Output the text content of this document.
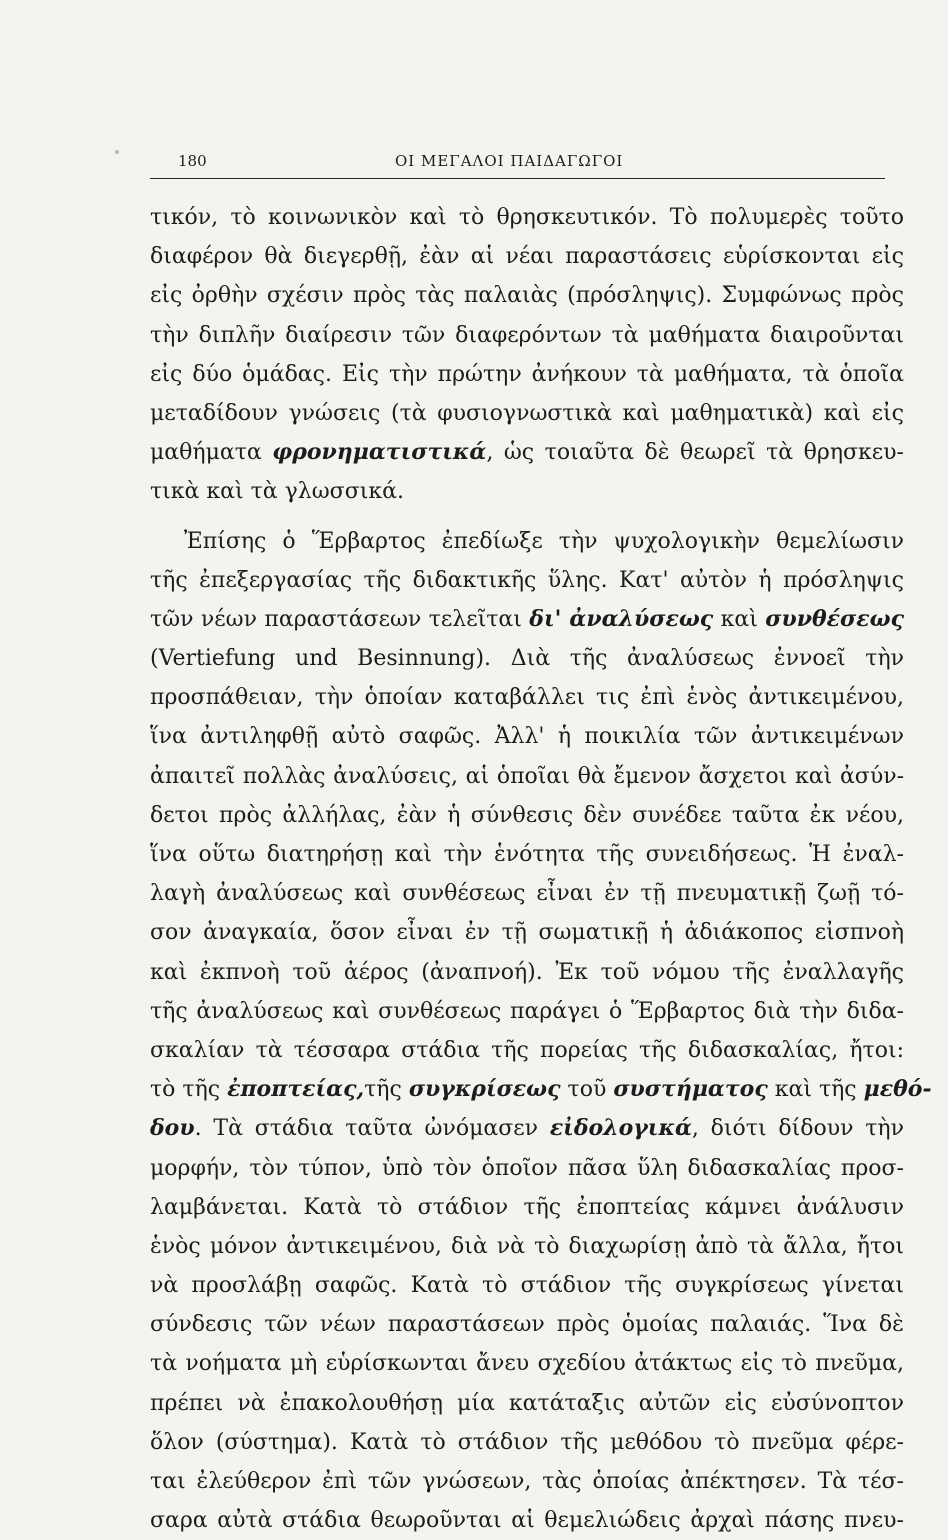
180	ΟΙ ΜΕΓΑΛΟΙ ΠΑΙΔΑΓΩΓΟΙ
τικόν, τὸ κοινωνικὸν καὶ τὸ θρησκευτικόν. Τὸ πολυμερὲς τοῦτο
διαφέρον θὰ διεγερθῇ, ἐὰν αἱ νέαι παραστάσεις εὑρίσκονται εἰς
εἰς ὀρθὴν σχέσιν πρὸς τὰς παλαιὰς (πρόσληψις). Συμφώνως πρὸς
τὴν διπλῆν διαίρεσιν τῶν διαφερόντων τὰ μαθήματα διαιροῦνται
εἰς δύο ὁμάδας. Εἰς τὴν πρώτην ἀνήκουν τὰ μαθήματα, τὰ ὁποῖα
μεταδίδουν γνώσεις (τὰ φυσιογνωστικὰ καὶ μαθηματικὰ) καὶ εἰς
μαθήματα φρονηματιστικά, ὡς τοιαῦτα δὲ θεωρεῖ τὰ θρησκευ-
τικὰ καὶ τὰ γλωσσικά.
Ἐπίσης ὁ Ἕρβαρτος ἐπεδίωξε τὴν ψυχολογικὴν θεμελίωσιν
τῆς ἐπεξεργασίας τῆς διδακτικῆς ὕλης. Κατ' αὐτὸν ἡ πρόσληψις
τῶν νέων παραστάσεων τελεῖται δι' ἀναλύσεως καὶ συνθέσεως
(Vertiefung und Besinnung). Διὰ τῆς ἀναλύσεως ἐννοεῖ τὴν
προσπάθειαν, τὴν ὁποίαν καταβάλλει τις ἐπὶ ἑνὸς ἀντικειμένου,
ἵνα ἀντιληφθῇ αὐτὸ σαφῶς. Ἀλλ' ἡ ποικιλία τῶν ἀντικειμένων
ἀπαιτεῖ πολλὰς ἀναλύσεις, αἱ ὁποῖαι θὰ ἔμενον ἄσχετοι καὶ ἀσύν-
δετοι πρὸς ἀλλήλας, ἐὰν ἡ σύνθεσις δὲν συνέδεε ταῦτα ἐκ νέου,
ἵνα οὕτω διατηρήσῃ καὶ τὴν ἑνότητα τῆς συνειδήσεως. Ἡ ἐναλ-
λαγὴ ἀναλύσεως καὶ συνθέσεως εἶναι ἐν τῇ πνευματικῇ ζωῇ τό-
σον ἀναγκαία, ὅσον εἶναι ἐν τῇ σωματικῇ ἡ ἀδιάκοπος εἰσπνοὴ
καὶ ἐκπνοὴ τοῦ ἀέρος (ἀναπνοή). Ἐκ τοῦ νόμου τῆς ἐναλλαγῆς
τῆς ἀναλύσεως καὶ συνθέσεως παράγει ὁ Ἕρβαρτος διὰ τὴν διδα-
σκαλίαν τὰ τέσσαρα στάδια τῆς πορείας τῆς διδασκαλίας, ἤτοι:
τὸ τῆς ἐποπτείας,τῆς συγκρίσεως τοῦ συστήματος καὶ τῆς μεθό-
δου. Τὰ στάδια ταῦτα ὠνόμασεν εἰδολογικά, διότι δίδουν τὴν
μορφήν, τὸν τύπον, ὑπὸ τὸν ὁποῖον πᾶσα ὕλη διδασκαλίας προσ-
λαμβάνεται. Κατὰ τὸ στάδιον τῆς ἐποπτείας κάμνει ἀνάλυσιν
ἑνὸς μόνον ἀντικειμένου, διὰ νὰ τὸ διαχωρίσῃ ἀπὸ τὰ ἄλλα, ἤτοι
νὰ προσλάβῃ σαφῶς. Κατὰ τὸ στάδιον τῆς συγκρίσεως γίνεται
σύνδεσις τῶν νέων παραστάσεων πρὸς ὁμοίας παλαιάς. Ἵνα δὲ
τὰ νοήματα μὴ εὑρίσκωνται ἄνευ σχεδίου ἀτάκτως εἰς τὸ πνεῦμα,
πρέπει νὰ ἐπακολουθήσῃ μία κατάταξις αὐτῶν εἰς εὐσύνοπτον
ὅλον (σύστημα). Κατὰ τὸ στάδιον τῆς μεθόδου τὸ πνεῦμα φέρε-
ται ἐλεύθερον ἐπὶ τῶν γνώσεων, τὰς ὁποίας ἀπέκτησεν. Τὰ τέσ-
σαρα αὐτὰ στάδια θεωροῦνται αἱ θεμελιώδεις ἀρχαὶ πάσης πνευ-
